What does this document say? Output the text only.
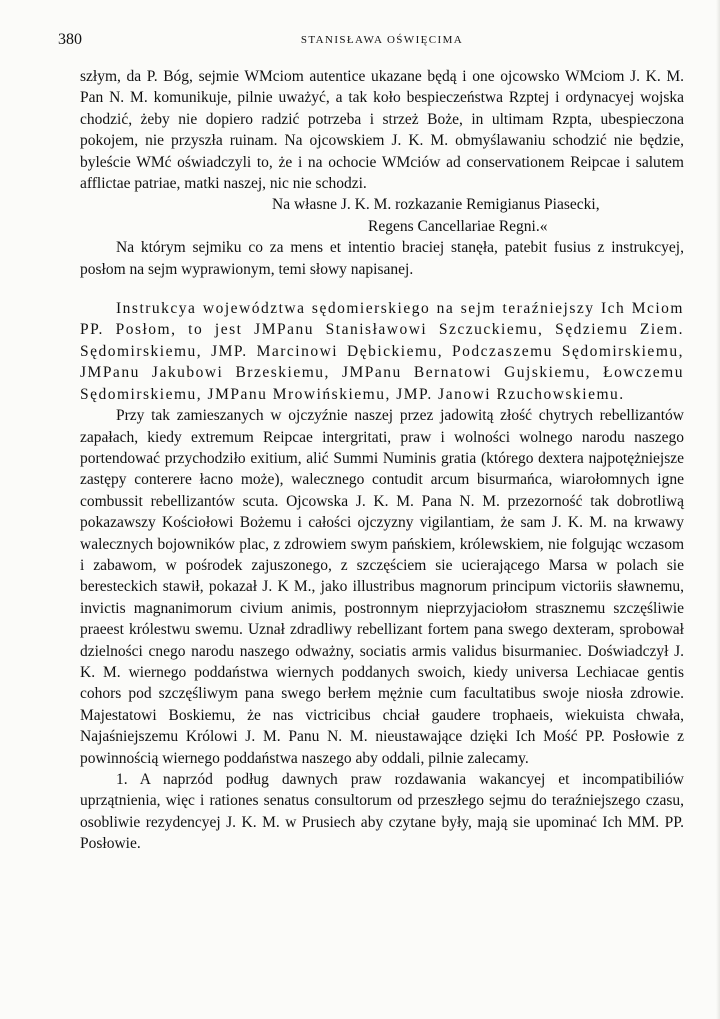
380	STANISŁAWA OŚWIĘCIMA

szłym, da P. Bóg, sejmie WMciom autentice ukazane będą i one ojcowsko WMciom J. K. M. Pan N. M. komunikuje, pilnie uważyć, a tak koło bespieczeństwa Rzptej i ordynacyej wojska chodzić, żeby nie dopiero radzić potrzeba i strzeż Boże, in ultimam Rzpta, ubespieczona pokojem, nie przyszła ruinam. Na ojcowskiem J. K. M. obmyślawaniu schodzić nie będzie, byleście WMć oświadczyli to, że i na ochocie WMciów ad conservationem Reipcae i salutem afflictae patriae, matki naszej, nic nie schodzi.

Na własne J. K. M. rozkazanie Remigianus Piasecki,
Regens Cancellariae Regni.«

Na którym sejmiku co za mens et intentio braciej stanęła, patebit fusius z instrukcyej, posłom na sejm wyprawionym, temi słowy napisanej.

Instrukcya województwa sędomierskiego na sejm teraźniejszy Ich Mciom PP. Posłom, to jest JMPanu Stanisławowi Szczuckiemu, Sędziemu Ziem. Sędomirskiemu, JMP. Marcinowi Dębickiemu, Podczaszemu Sędomirskiemu, JMPanu Jakubowi Brzeskiemu, JMPanu Bernatowi Gujskiemu, Łowczemu Sędomirskiemu, JMPanu Mrowińskiemu, JMP. Janowi Rzuchowskiemu.

Przy tak zamieszanych w ojczyźnie naszej przez jadowitą złość chytrych rebellizantów zapałach, kiedy extremum Reipcae intergritati, praw i wolności wolnego narodu naszego portendować przychodziło exitium, alić Summi Numinis gratia (którego dextera najpotężniejsze zastępy conterere łacno może), walecznego contudit arcum bisurmańca, wiarołomnych igne combussit rebellizantów scuta. Ojcowska J. K. M. Pana N. M. przezorność tak dobrotliwą pokazawszy Kościołowi Bożemu i całości ojczyzny vigilantiam, że sam J. K. M. na krwawy walecznych bojowników plac, z zdrowiem swym pańskiem, królewskiem, nie folgując wczasom i zabawom, w pośrodek zajuszonego, z szczęściem sie ucierającego Marsa w polach sie beresteckich stawił, pokazał J. K M., jako illustribus magnorum principum victoriis sławnemu, invictis magnanimorum civium animis, postronnym nieprzyjaciołom strasznemu szczęśliwie praeest królestwu swemu. Uznał zdradliwy rebellizant fortem pana swego dexteram, sprobował dzielności cnego narodu naszego odważny, sociatis armis validus bisurmaniec. Doświadczył J. K. M. wiernego poddaństwa wiernych poddanych swoich, kiedy universa Lechiacae gentis cohors pod szczęśliwym pana swego berłem mężnie cum facultatibus swoje niosła zdrowie. Majestatowi Boskiemu, że nas victricibus chciał gaudere trophaeis, wiekuista chwała, Najaśniejszemu Królowi J. M. Panu N. M. nieustawające dzięki Ich Mość PP. Posłowie z powinnością wiernego poddaństwa naszego aby oddali, pilnie zalecamy.

1. A naprzód podług dawnych praw rozdawania wakancyej et incompatibiliów uprzątnienia, więc i rationes senatus consultorum od przeszłego sejmu do teraźniejszego czasu, osobliwie rezydencyej J. K. M. w Prusiech aby czytane były, mają sie upominać Ich MM. PP. Posłowie.
